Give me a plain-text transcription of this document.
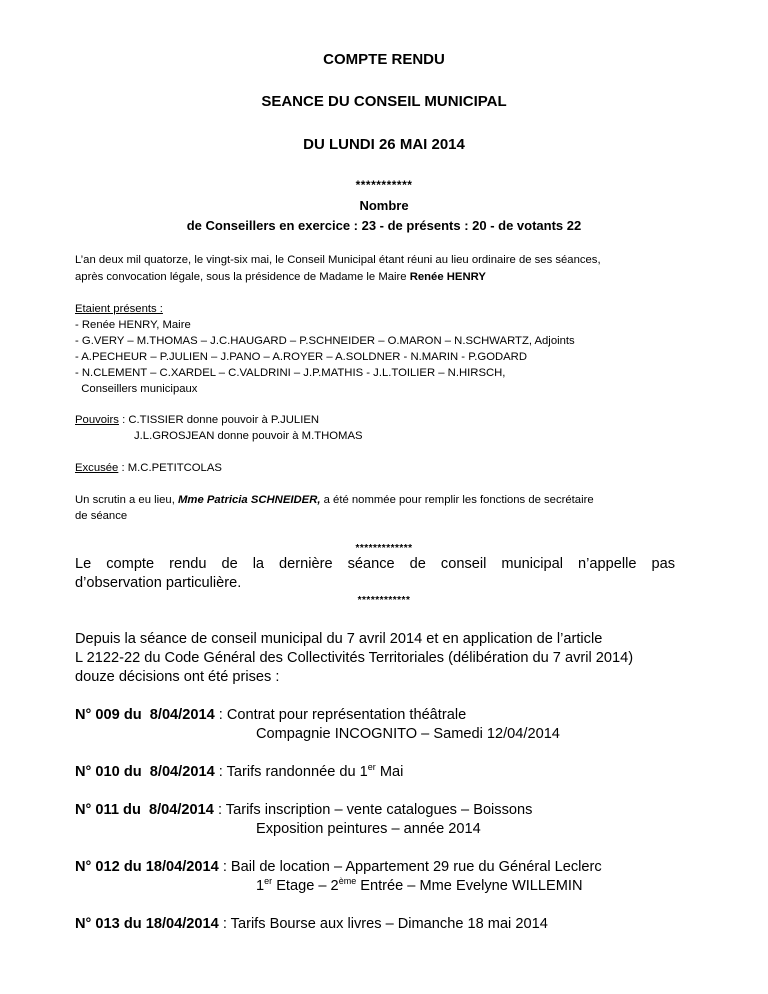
COMPTE RENDU
SEANCE DU CONSEIL MUNICIPAL
DU LUNDI 26 MAI 2014
***********
Nombre
de Conseillers en exercice : 23 - de présents : 20 - de votants 22
L’an deux mil quatorze, le vingt-six mai, le Conseil Municipal étant réuni au lieu ordinaire de ses séances,
après convocation légale, sous la présidence de Madame le Maire Renée HENRY
Etaient présents :
- Renée HENRY, Maire
- G.VERY – M.THOMAS – J.C.HAUGARD – P.SCHNEIDER – O.MARON – N.SCHWARTZ, Adjoints
- A.PECHEUR – P.JULIEN – J.PANO – A.ROYER – A.SOLDNER - N.MARIN - P.GODARD
- N.CLEMENT – C.XARDEL – C.VALDRINI – J.P.MATHIS - J.L.TOILIER – N.HIRSCH,
Conseillers municipaux
Pouvoirs : C.TISSIER donne pouvoir à P.JULIEN
J.L.GROSJEAN donne pouvoir à M.THOMAS
Excusée : M.C.PETITCOLAS
Un scrutin a eu lieu, Mme Patricia SCHNEIDER, a été nommée pour remplir les fonctions de secrétaire
de séance
*************
Le compte rendu de la dernière séance de conseil municipal n’appelle pas
d’observation particulière.
************
Depuis la séance de conseil municipal du 7 avril 2014 et en application de l’article
L 2122-22 du Code Général des Collectivités Territoriales (délibération du 7 avril 2014)
douze décisions ont été prises :
N° 009 du  8/04/2014 : Contrat pour représentation théâtrale
Compagnie INCOGNITO – Samedi 12/04/2014
N° 010 du  8/04/2014 : Tarifs randonnée du 1er Mai
N° 011 du  8/04/2014 : Tarifs inscription – vente catalogues – Boissons
Exposition peintures – année 2014
N° 012 du 18/04/2014 : Bail de location – Appartement 29 rue du Général Leclerc
1er Etage – 2ème Entrée – Mme Evelyne WILLEMIN
N° 013 du 18/04/2014 : Tarifs Bourse aux livres – Dimanche 18 mai 2014
